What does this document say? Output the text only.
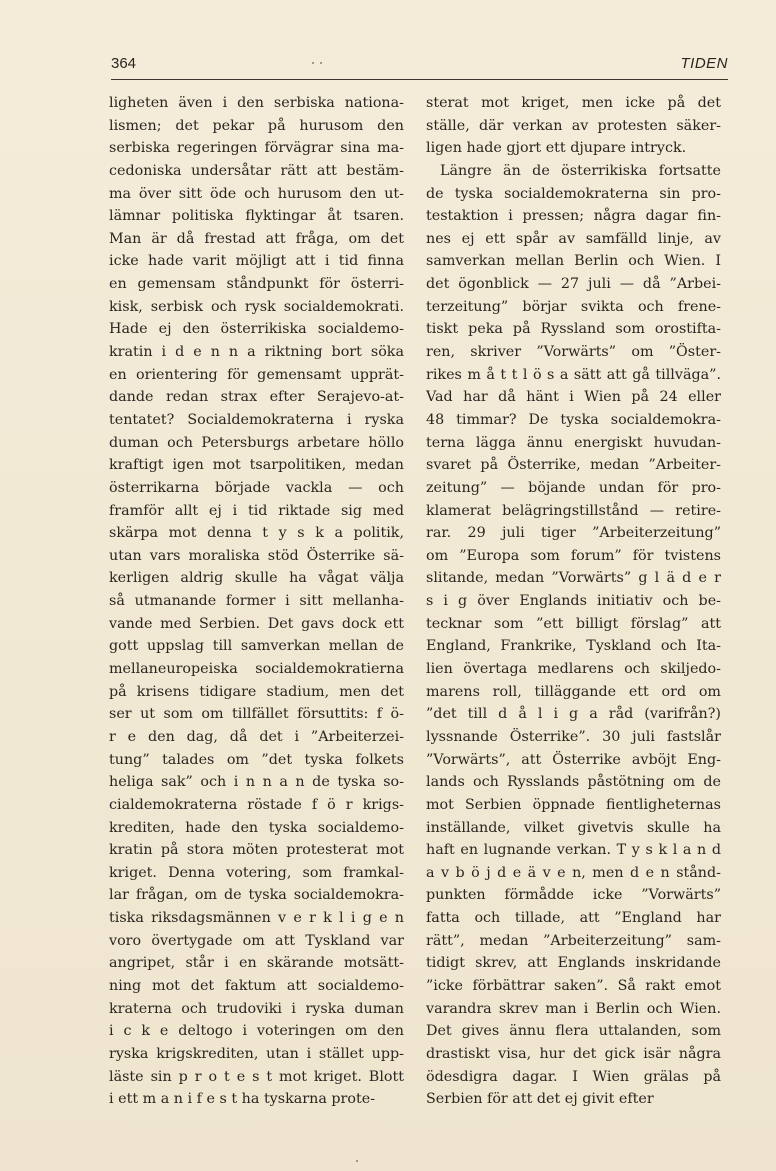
364	TIDEN
ligheten även i den serbiska nationa-
lismen; det pekar på hurusom den
serbiska regeringen förvägrar sina ma-
cedoniska undersåtar rätt att bestäm-
ma över sitt öde och hurusom den ut-
lämnar politiska flyktingar åt tsaren.
Man är då frestad att fråga, om det
icke hade varit möjligt att i tid finna
en gemensam ståndpunkt för österri-
kisk, serbisk och rysk socialdemokrati.
Hade ej den österrikiska socialdemo-
kratin i d e n n a riktning bort söka
en orientering för gemensamt upprät-
dande redan strax efter Serajevo-at-
tentatet? Socialdemokraterna i ryska
duman och Petersburgs arbetare höllo
kraftigt igen mot tsarpolitiken, medan
österrikarna började vackla — och
framför allt ej i tid riktade sig med
skärpa mot denna t y s k a politik,
utan vars moraliska stöd Österrike sä-
kerligen aldrig skulle ha vågat välja
så utmanande former i sitt mellanha-
vande med Serbien. Det gavs dock ett
gott uppslag till samverkan mellan de
mellaneuropeiska socialdemokratierna
på krisens tidigare stadium, men det
ser ut som om tillfället försuttits: f ö-
r e den dag, då det i ”Arbeiterzei-
tung” talades om ”det tyska folkets
heliga sak” och i n n a n de tyska so-
cialdemokraterna röstade f ö r krigs-
krediten, hade den tyska socialdemo-
kratin på stora möten protesterat mot
kriget. Denna votering, som framkal-
lar frågan, om de tyska socialdemokra-
tiska riksdagsmännen v e r k l i g e n
voro övertygade om att Tyskland var
angripet, står i en skärande motsätt-
ning mot det faktum att socialdemo-
kraterna och trudoviki i ryska duman
i c k e deltogo i voteringen om den
ryska krigskrediten, utan i stället upp-
läste sin p r o t e s t mot kriget. Blott
i ett m a n i f e s t ha tyskarna prote-
sterat mot kriget, men icke på det
ställe, där verkan av protesten säker-
ligen hade gjort ett djupare intryck.
Längre än de österrikiska fortsatte
de tyska socialdemokraterna sin pro-
testaktion i pressen; några dagar fin-
nes ej ett spår av samfälld linje, av
samverkan mellan Berlin och Wien. I
det ögonblick — 27 juli — då ”Arbei-
terzeitung” börjar svikta och frene-
tiskt peka på Ryssland som orostifta-
ren, skriver ”Vorwärts” om ”Öster-
rikes m å t t l ö s a sätt att gå tillväga”.
Vad har då hänt i Wien på 24 eller
48 timmar? De tyska socialdemokra-
terna lägga ännu energiskt huvudan-
svaret på Österrike, medan ”Arbeiter-
zeitung” — böjande undan för pro-
klamerat belägringstillstånd — retire-
rar. 29 juli tiger ”Arbeiterzeitung”
om ”Europa som forum” för tvistens
slitande, medan ”Vorwärts” g l ä d e r
s i g över Englands initiativ och be-
tecknar som ”ett billigt förslag” att
England, Frankrike, Tyskland och Ita-
lien övertaga medlarens och skiljedo-
marens roll, tilläggande ett ord om
”det till d å l i g a råd (varifrån?)
lyssnande Österrike”. 30 juli fastslår
”Vorwärts”, att Österrike avböjt Eng-
lands och Rysslands påstötning om de
mot Serbien öppnade fientligheternas
inställande, vilket givetvis skulle ha
haft en lugnande verkan. T y s k l a n d
a v b ö j d e ä v e n, men d e n stånd-
punkten förmådde icke ”Vorwärts”
fatta och tillade, att ”England har
rätt”, medan ”Arbeiterzeitung” sam-
tidigt skrev, att Englands inskridande
”icke förbättrar saken”. Så rakt emot
varandra skrev man i Berlin och Wien.
Det gives ännu flera uttalanden, som
drastiskt visa, hur det gick isär några
ödesdigra dagar. I Wien grälas på
Serbien för att det ej givit efter
